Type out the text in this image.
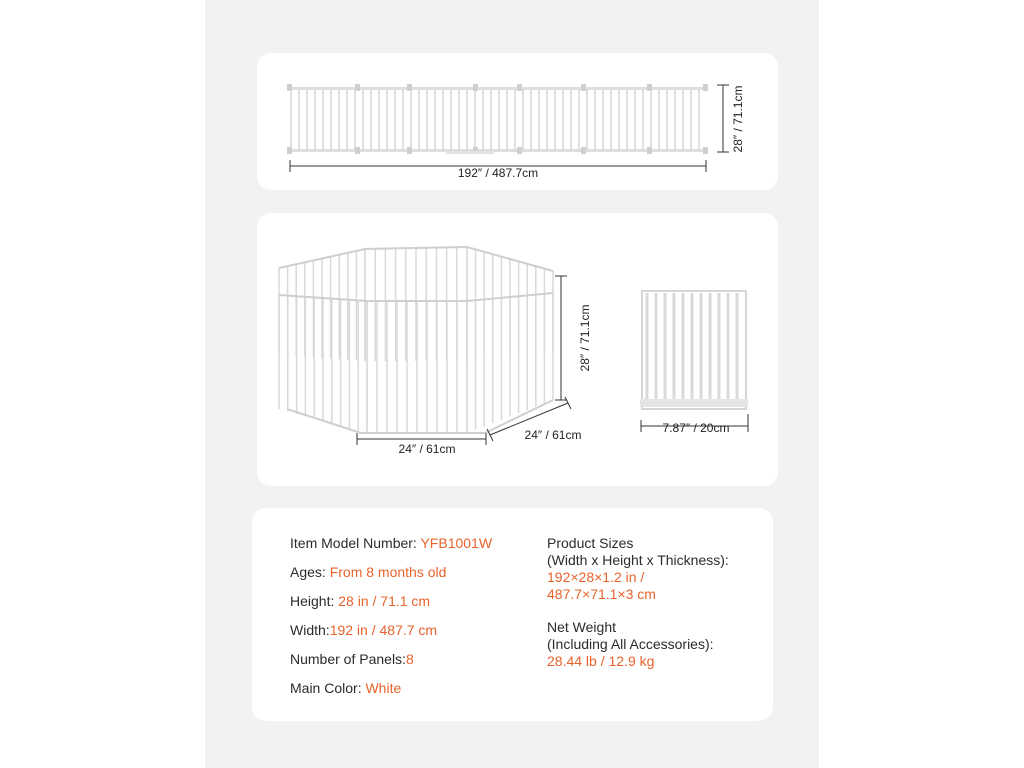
192″ / 487.7cm
28″ / 71.1cm
28″ / 71.1cm
24″ / 61cm
24″ / 61cm	7.87″ / 20cm
Item Model Number: YFB1001W
Ages: From 8 months old
Height: 28 in / 71.1 cm
Width:192 in / 487.7 cm
Number of Panels:8
Main Color: White
Product Sizes
(Width x Height x Thickness):
192×28×1.2 in /
487.7×71.1×3 cm
Net Weight
(Including All Accessories):
28.44 lb / 12.9 kg
